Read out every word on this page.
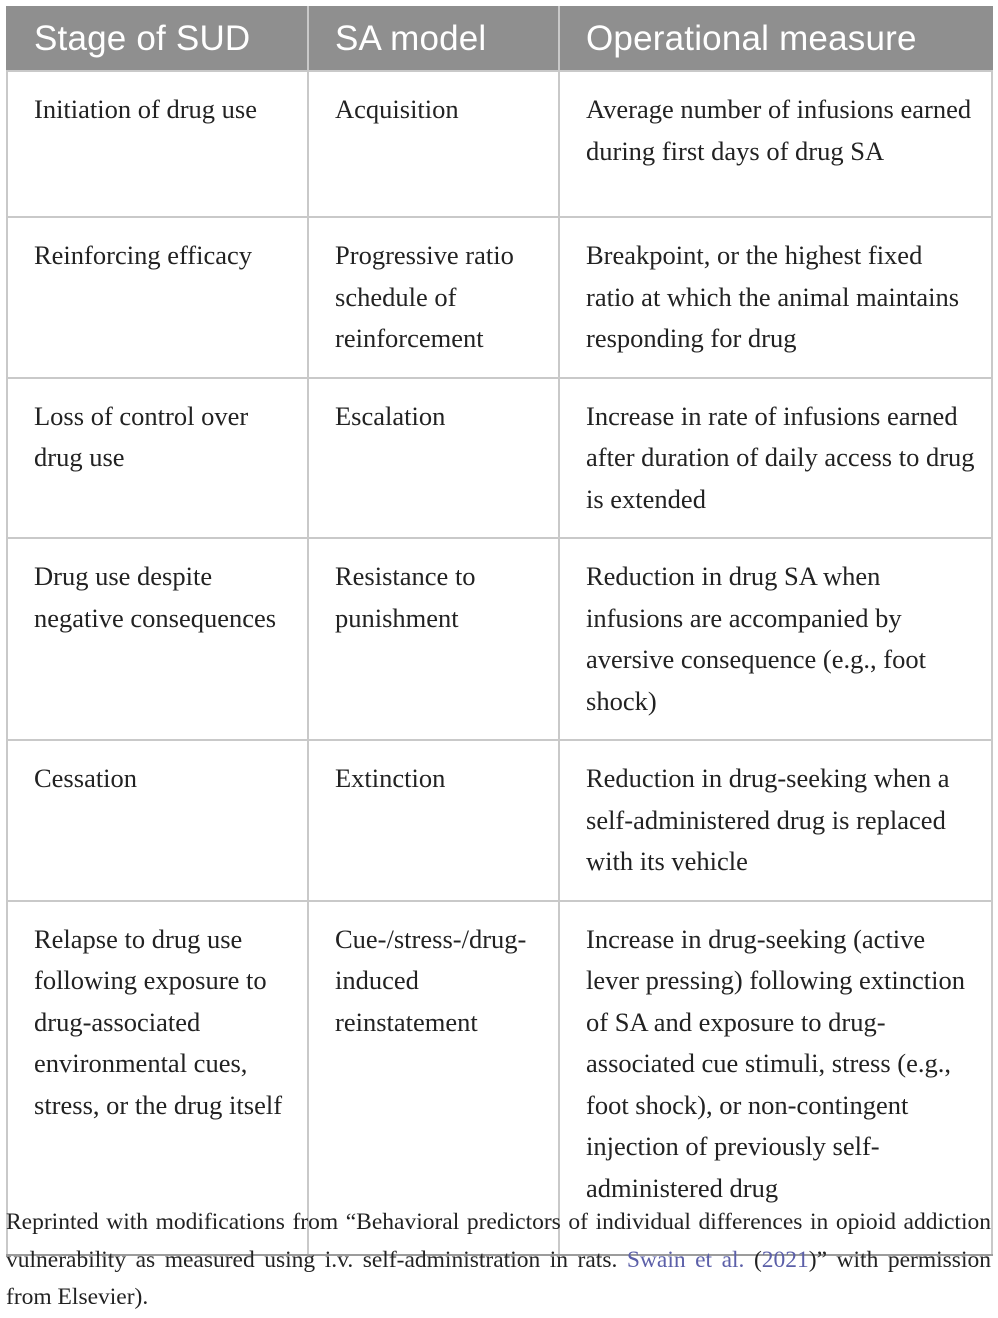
Stage of SUD	SA model	Operational measure
Initiation of drug use	Acquisition	Average number of infusions earned during first days of drug SA
Reinforcing efficacy	Progressive ratio schedule of reinforcement	Breakpoint, or the highest fixed ratio at which the animal maintains responding for drug
Loss of control over drug use	Escalation	Increase in rate of infusions earned after duration of daily access to drug is extended
Drug use despite negative consequences	Resistance to punishment	Reduction in drug SA when infusions are accompanied by aversive consequence (e.g., foot shock)
Cessation	Extinction	Reduction in drug-seeking when a self-administered drug is replaced with its vehicle
Relapse to drug use following exposure to drug-associated environmental cues, stress, or the drug itself	Cue-/stress-/drug-induced reinstatement	Increase in drug-seeking (active lever pressing) following extinction of SA and exposure to drug-associated cue stimuli, stress (e.g., foot shock), or non-contingent injection of previously self-administered drug
Reprinted with modifications from “Behavioral predictors of individual differences in opioid addiction vulnerability as measured using i.v. self-administration in rats. Swain et al. (2021)” with permission from Elsevier).
